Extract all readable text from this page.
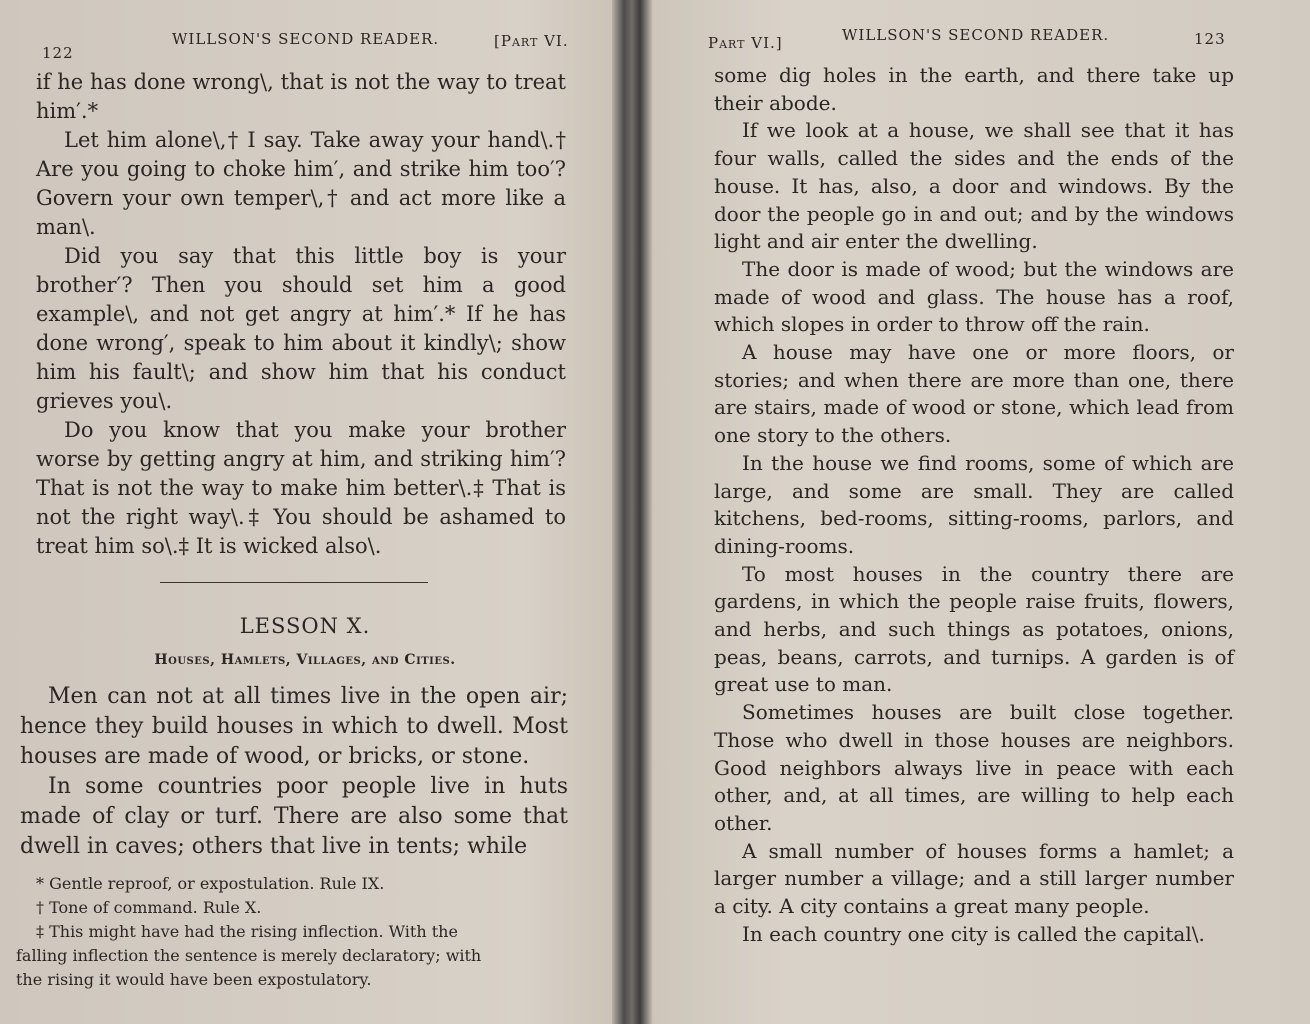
122
WILLSON'S SECOND READER.	[Part VI.

if he has done wrong\, that is not the way to treat him′.*

Let him alone\,† I say. Take away your hand\.† Are you going to choke him′, and strike him too′? Govern your own temper\,† and act more like a man\.

Did you say that this little boy is your brother′? Then you should set him a good example\, and not get angry at him′.* If he has done wrong′, speak to him about it kindly\; show him his fault\; and show him that his conduct grieves you\.

Do you know that you make your brother worse by getting angry at him, and striking him′? That is not the way to make him better\.‡ That is not the right way\.‡ You should be ashamed to treat him so\.‡ It is wicked also\.

LESSON X.
Houses, Hamlets, Villages, and Cities.

Men can not at all times live in the open air; hence they build houses in which to dwell. Most houses are made of wood, or bricks, or stone.

In some countries poor people live in huts made of clay or turf. There are also some that dwell in caves; others that live in tents; while

* Gentle reproof, or expostulation. Rule IX.
† Tone of command. Rule X.
‡ This might have had the rising inflection. With the
falling inflection the sentence is merely declaratory; with
the rising it would have been expostulatory.
Part VI.]	WILLSON'S SECOND READER.	123

some dig holes in the earth, and there take up their abode.

If we look at a house, we shall see that it has four walls, called the sides and the ends of the house. It has, also, a door and windows. By the door the people go in and out; and by the windows light and air enter the dwelling.

The door is made of wood; but the windows are made of wood and glass. The house has a roof, which slopes in order to throw off the rain.

A house may have one or more floors, or stories; and when there are more than one, there are stairs, made of wood or stone, which lead from one story to the others.

In the house we find rooms, some of which are large, and some are small. They are called kitchens, bed-rooms, sitting-rooms, parlors, and dining-rooms.

To most houses in the country there are gardens, in which the people raise fruits, flowers, and herbs, and such things as potatoes, onions, peas, beans, carrots, and turnips. A garden is of great use to man.

Sometimes houses are built close together. Those who dwell in those houses are neighbors. Good neighbors always live in peace with each other, and, at all times, are willing to help each other.

A small number of houses forms a hamlet; a larger number a village; and a still larger number a city. A city contains a great many people.

In each country one city is called the capital\.
